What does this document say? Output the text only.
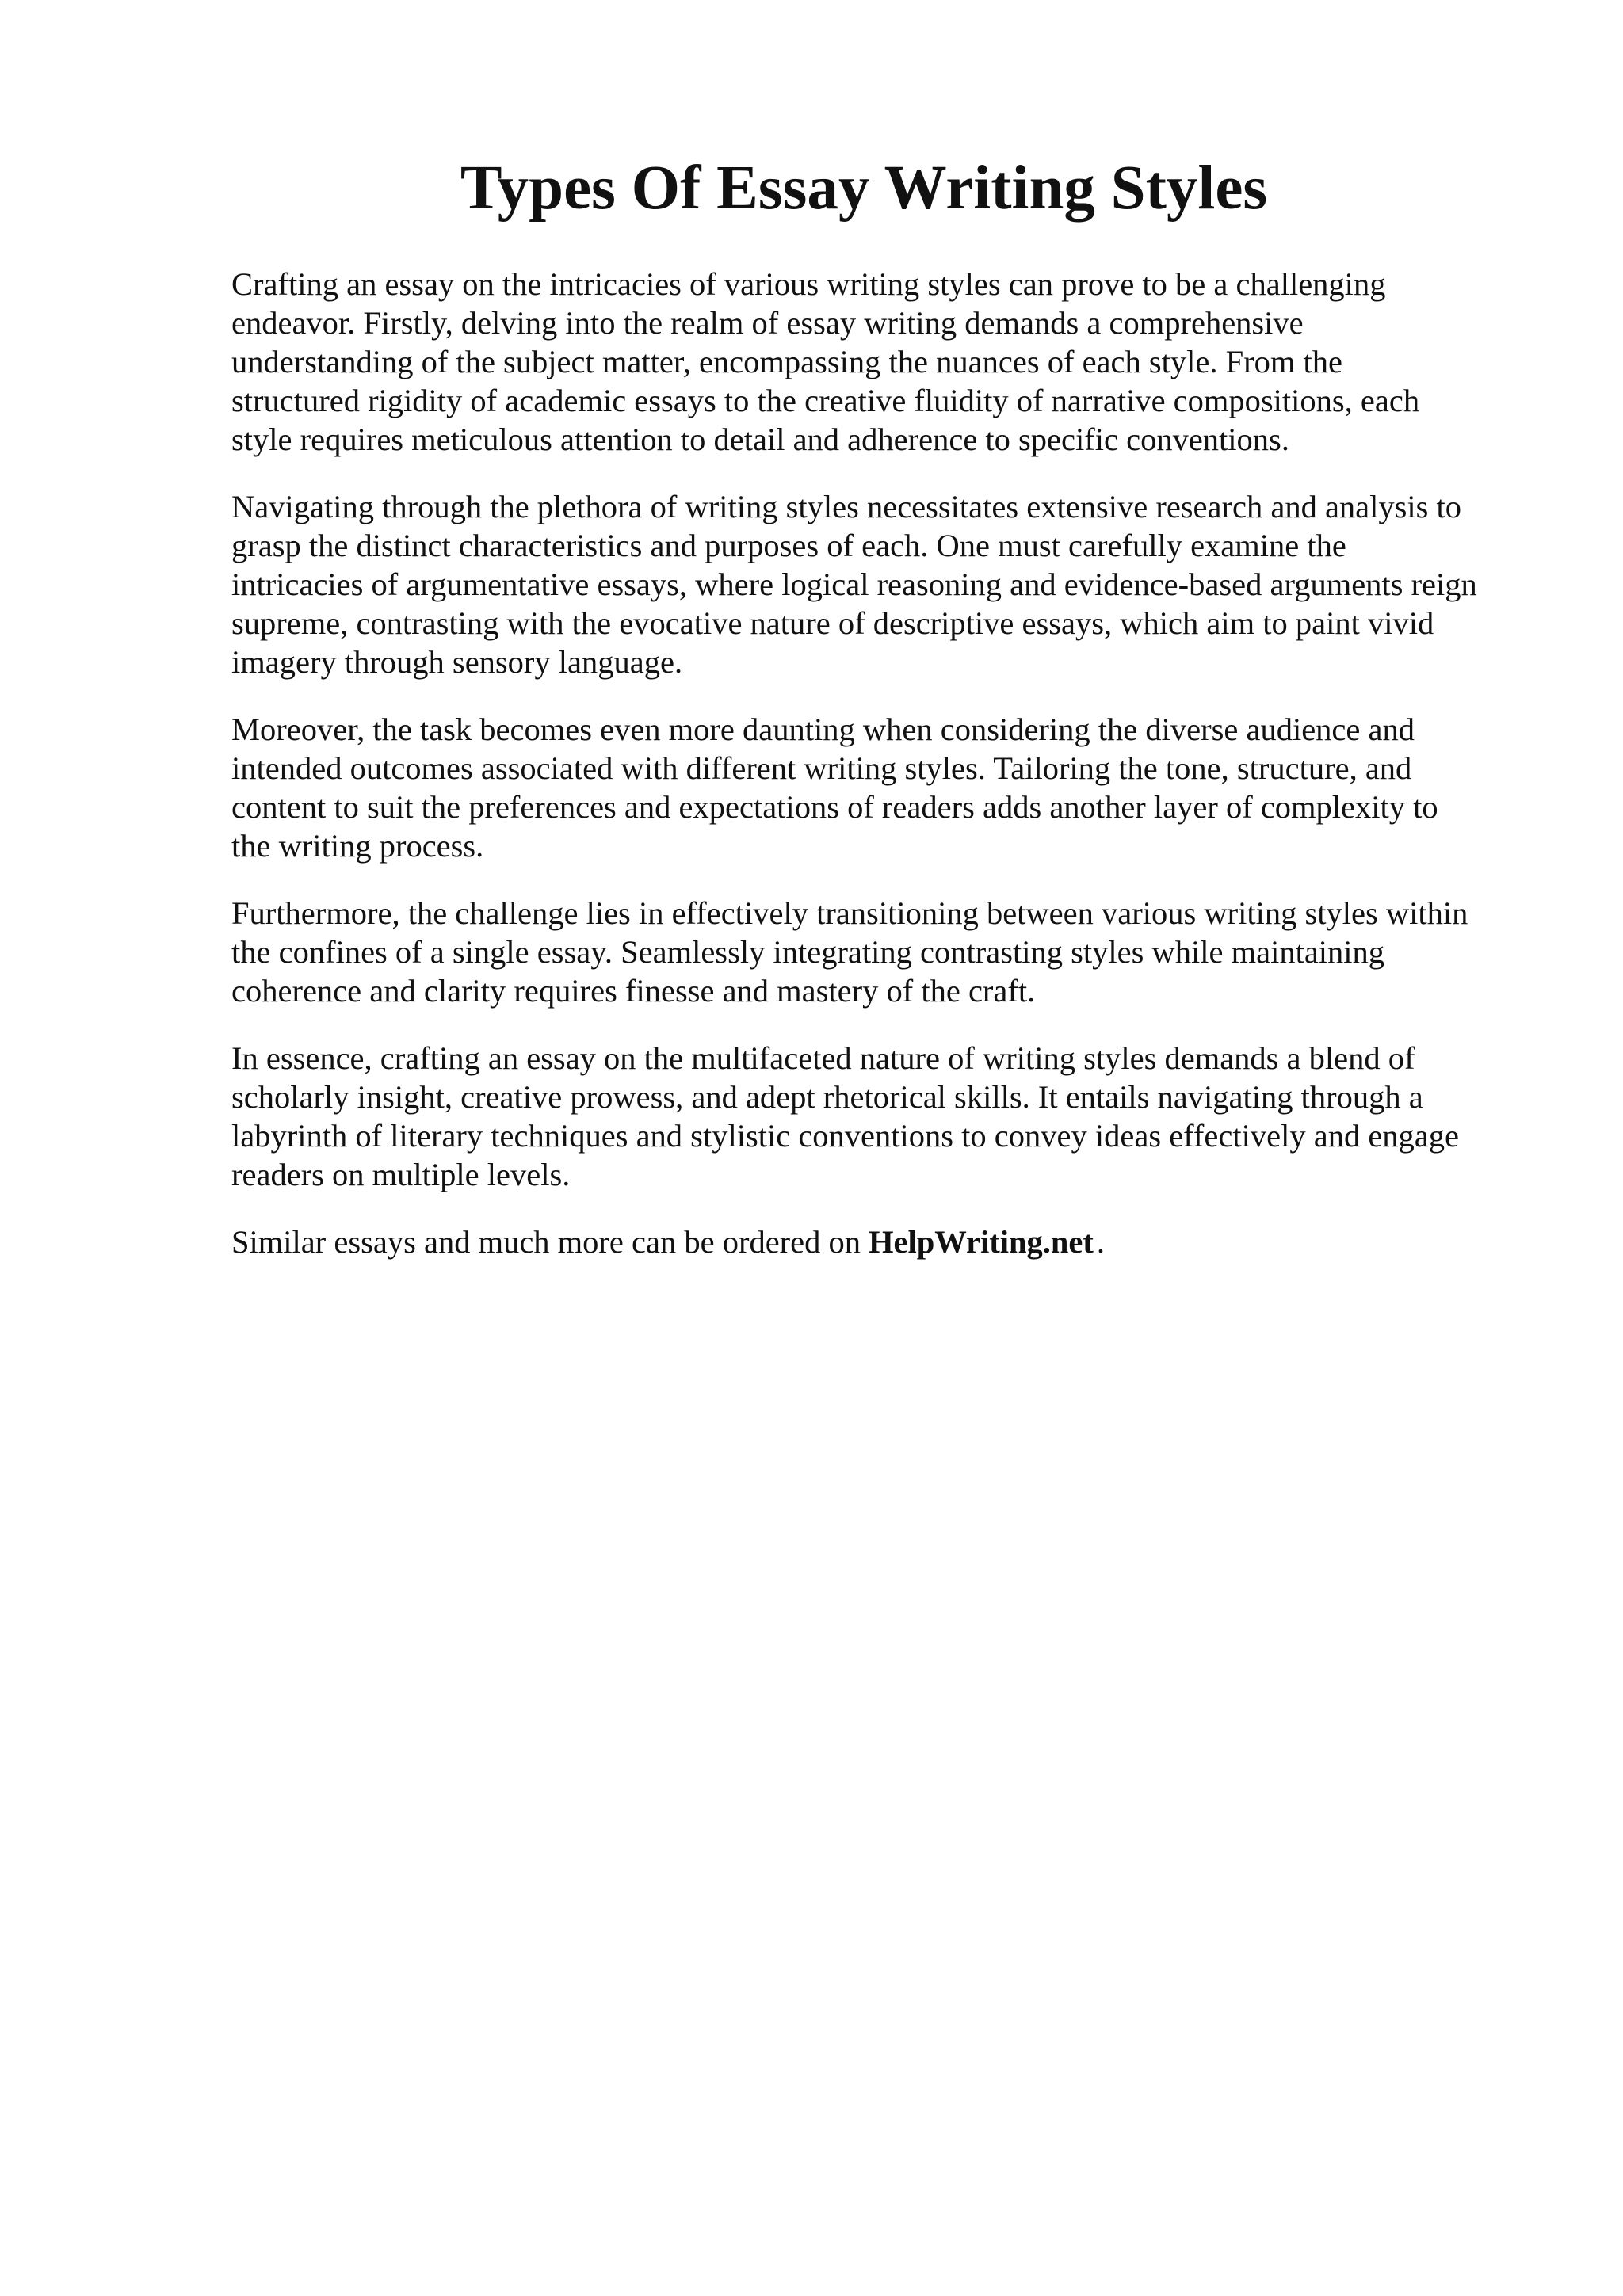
Types Of Essay Writing Styles

Crafting an essay on the intricacies of various writing styles can prove to be a challenging
endeavor. Firstly, delving into the realm of essay writing demands a comprehensive
understanding of the subject matter, encompassing the nuances of each style. From the
structured rigidity of academic essays to the creative fluidity of narrative compositions, each
style requires meticulous attention to detail and adherence to specific conventions.

Navigating through the plethora of writing styles necessitates extensive research and analysis to
grasp the distinct characteristics and purposes of each. One must carefully examine the
intricacies of argumentative essays, where logical reasoning and evidence-based arguments reign
supreme, contrasting with the evocative nature of descriptive essays, which aim to paint vivid
imagery through sensory language.

Moreover, the task becomes even more daunting when considering the diverse audience and
intended outcomes associated with different writing styles. Tailoring the tone, structure, and
content to suit the preferences and expectations of readers adds another layer of complexity to
the writing process.

Furthermore, the challenge lies in effectively transitioning between various writing styles within
the confines of a single essay. Seamlessly integrating contrasting styles while maintaining
coherence and clarity requires finesse and mastery of the craft.

In essence, crafting an essay on the multifaceted nature of writing styles demands a blend of
scholarly insight, creative prowess, and adept rhetorical skills. It entails navigating through a
labyrinth of literary techniques and stylistic conventions to convey ideas effectively and engage
readers on multiple levels.

Similar essays and much more can be ordered on HelpWriting.net.
